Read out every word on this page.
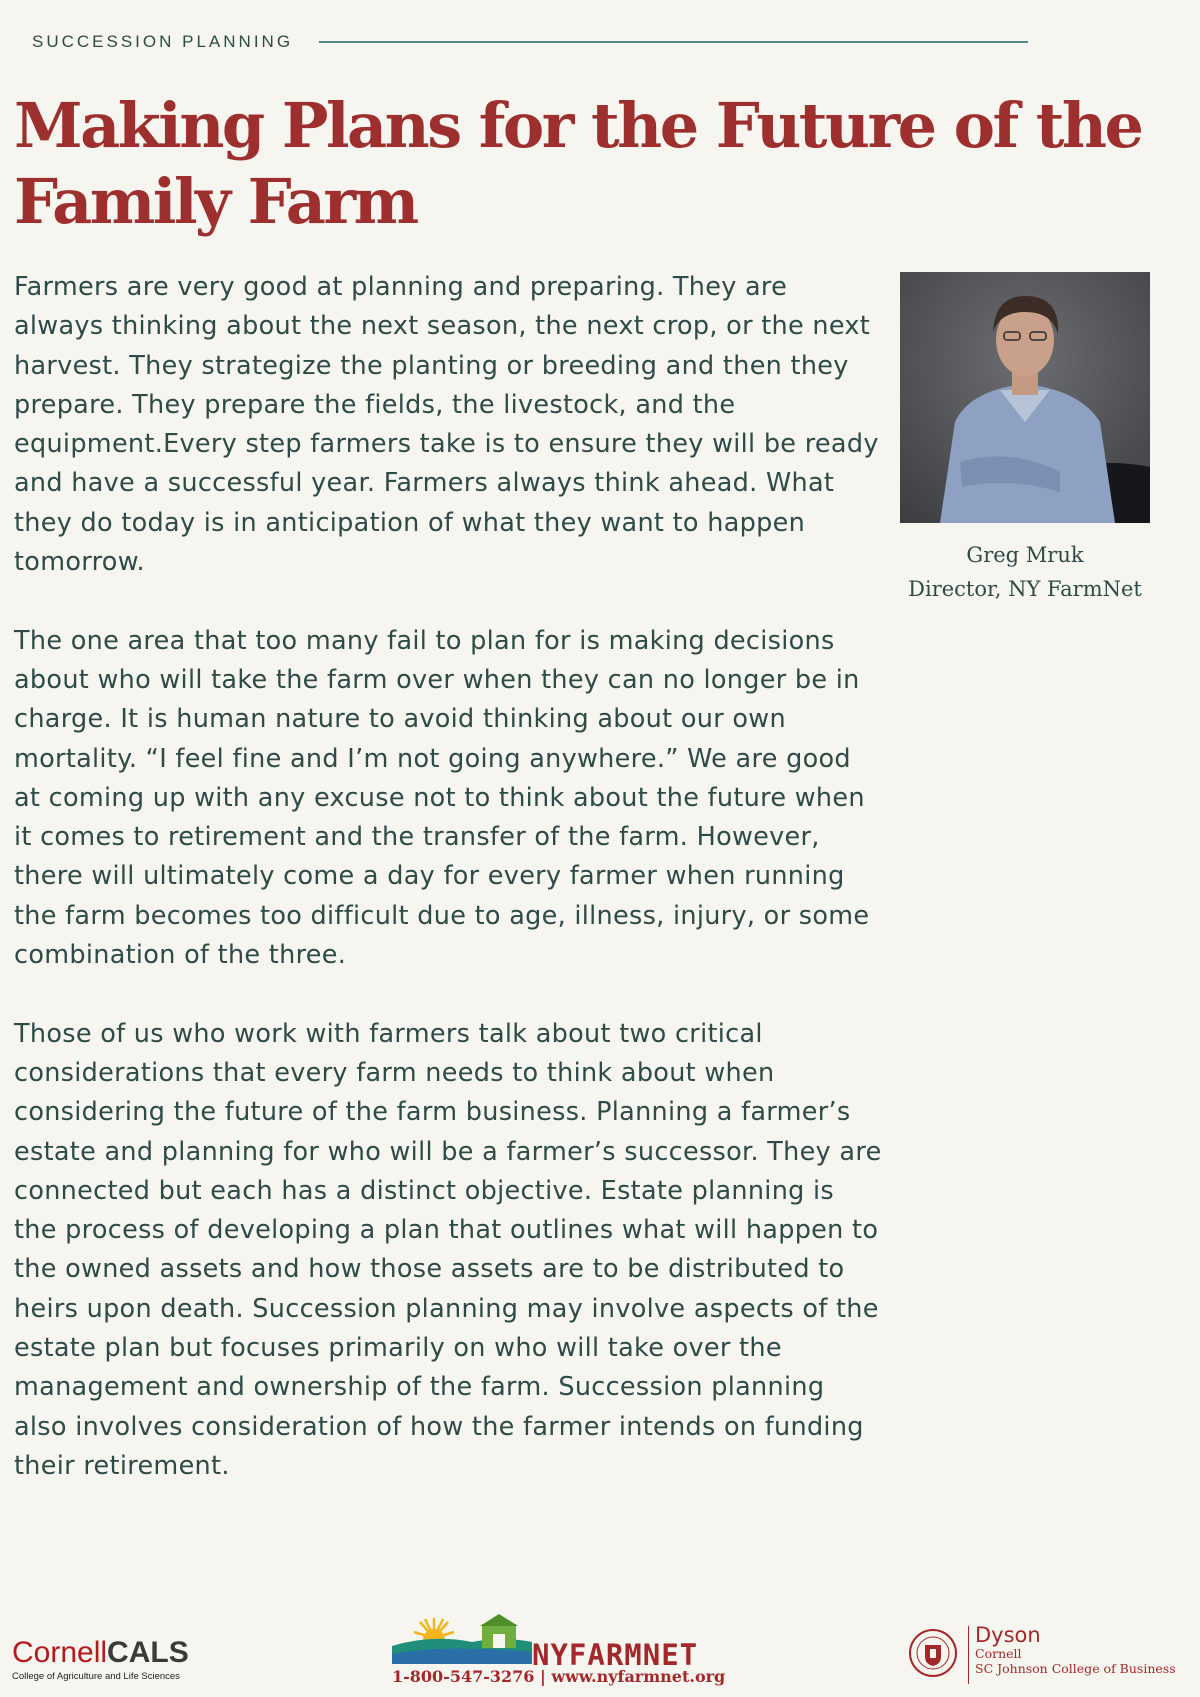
SUCCESSION PLANNING
Making Plans for the Future of the Family Farm

Farmers are very good at planning and preparing. They are always thinking about the next season, the next crop, or the next harvest. They strategize the planting or breeding and then they prepare. They prepare the fields, the livestock, and the equipment.Every step farmers take is to ensure they will be ready and have a successful year. Farmers always think ahead. What they do today is in anticipation of what they want to happen tomorrow.

The one area that too many fail to plan for is making decisions about who will take the farm over when they can no longer be in charge. It is human nature to avoid thinking about our own mortality. “I feel fine and I’m not going anywhere.” We are good at coming up with any excuse not to think about the future when it comes to retirement and the transfer of the farm. However, there will ultimately come a day for every farmer when running the farm becomes too difficult due to age, illness, injury, or some combination of the three.

Those of us who work with farmers talk about two critical considerations that every farm needs to think about when considering the future of the farm business. Planning a farmer’s estate and planning for who will be a farmer’s successor. They are connected but each has a distinct objective. Estate planning is the process of developing a plan that outlines what will happen to the owned assets and how those assets are to be distributed to heirs upon death. Succession planning may involve aspects of the estate plan but focuses primarily on who will take over the management and ownership of the farm. Succession planning also involves consideration of how the farmer intends on funding their retirement.

Greg Mruk
Director, NY FarmNet
CornellCALS
College of Agriculture and Life Sciences
NYFARMNET
1-800-547-3276 | www.nyfarmnet.org
Dyson
Cornell
SC Johnson College of Business
